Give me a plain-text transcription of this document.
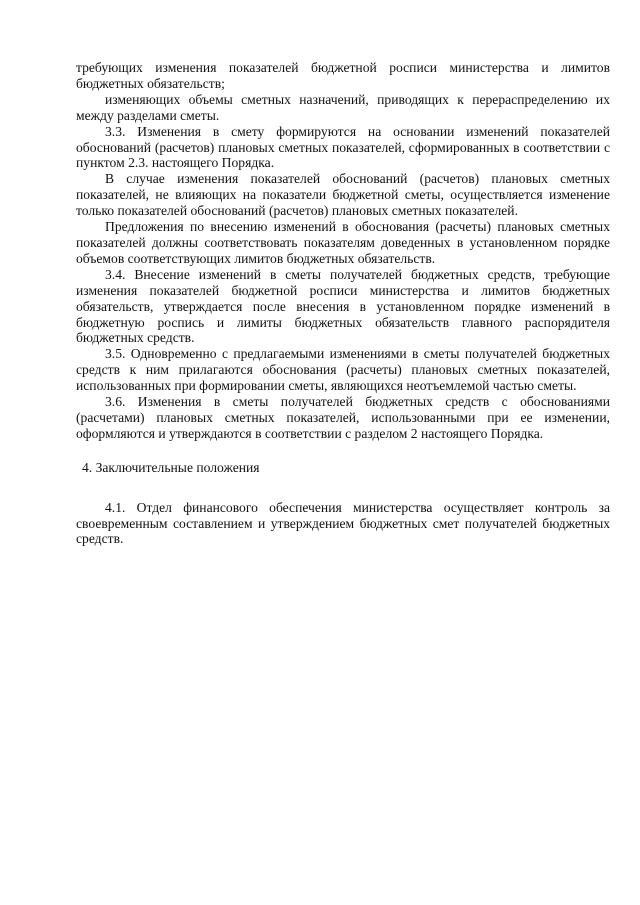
требующих изменения показателей бюджетной росписи министерства и лимитов бюджетных обязательств;

изменяющих объемы сметных назначений, приводящих к перераспределению их между разделами сметы.

3.3. Изменения в смету формируются на основании изменений показателей обоснований (расчетов) плановых сметных показателей, сформированных в соответствии с пунктом 2.3. настоящего Порядка.

В случае изменения показателей обоснований (расчетов) плановых сметных показателей, не влияющих на показатели бюджетной сметы, осуществляется изменение только показателей обоснований (расчетов) плановых сметных показателей.

Предложения по внесению изменений в обоснования (расчеты) плановых сметных показателей должны соответствовать показателям доведенных в установленном порядке объемов соответствующих лимитов бюджетных обязательств.

3.4. Внесение изменений в сметы получателей бюджетных средств, требующие изменения показателей бюджетной росписи министерства и лимитов бюджетных обязательств, утверждается после внесения в установленном порядке изменений в бюджетную роспись и лимиты бюджетных обязательств главного распорядителя бюджетных средств.

3.5. Одновременно с предлагаемыми изменениями в сметы получателей бюджетных средств к ним прилагаются обоснования (расчеты) плановых сметных показателей, использованных при формировании сметы, являющихся неотъемлемой частью сметы.

3.6. Изменения в сметы получателей бюджетных средств с обоснованиями (расчетами) плановых сметных показателей, использованными при ее изменении, оформляются и утверждаются в соответствии с разделом 2 настоящего Порядка.

4. Заключительные положения

4.1. Отдел финансового обеспечения министерства осуществляет контроль за своевременным составлением и утверждением бюджетных смет получателей бюджетных средств.
